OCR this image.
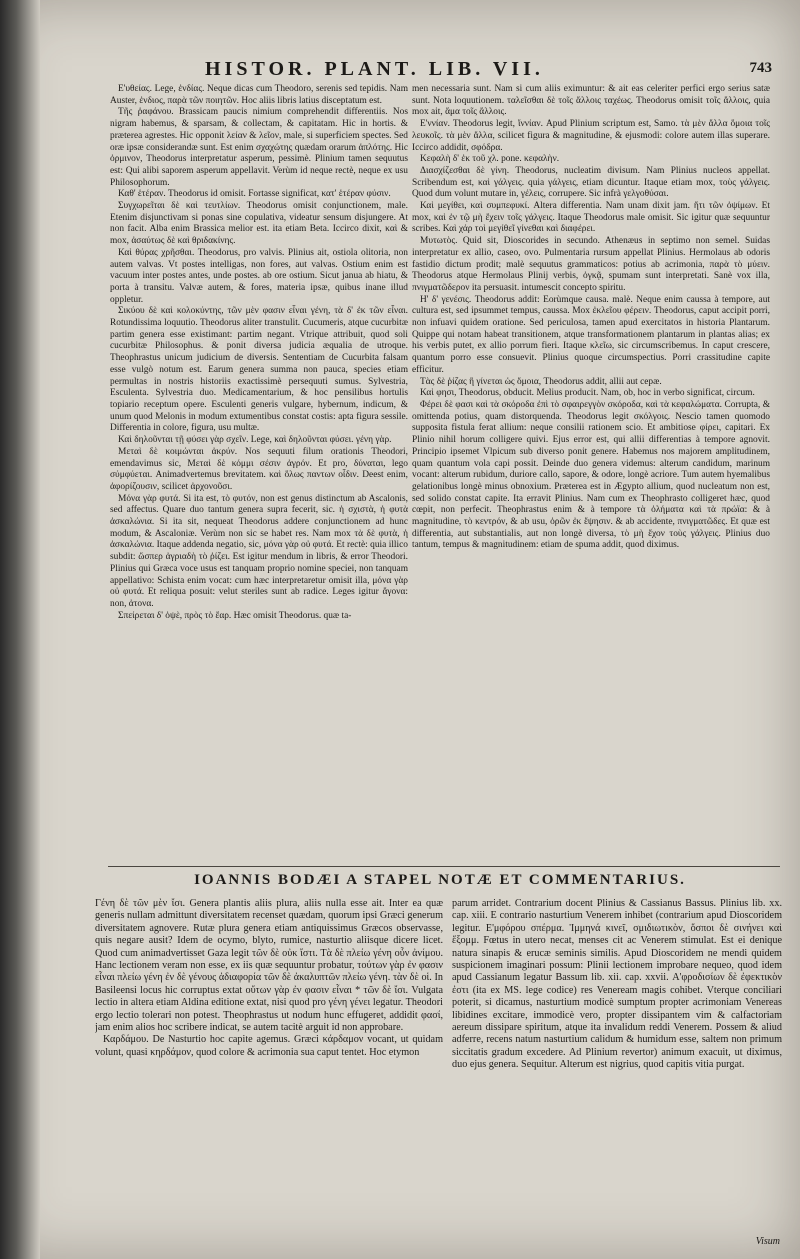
HISTOR. PLANT. LIB. VII.	743

E'υθείας. Lege, ἐνδίας. Neque dicas cum Theodoro, serenis sed tepidis. Nam Auster, ἐνδιος, παρὰ τῶν ποιητῶν. Hoc aliis libris latius disceptatum est.

Τῆς ῥαφάνου. Brassicam paucis nimium comprehendit differentiis. Nos nigram habemus, & sparsam, & collectam, & capitatam. Hic in hortis. & præterea agrestes. Hic opponit λείαν & λεῖον, male, si superficiem spectes. Sed oræ ipsæ considerandæ sunt. Est enim σχαχώτης quædam orarum ἁπλότης. Hic ὀρμινον, Theodorus interpretatur asperum, pessimè. Plinium tamen sequutus est: Qui alibi saporem asperum appellavit. Verùm id neque rectè, neque ex usu Philosophorum.

Καθ' ἑτέραν. Theodorus id omisit. Fortasse significat, κατ' ἑτέραν φύσιν.

Συγχωρεῖται δὲ καὶ τευτλίων. Theodorus omisit conjunctionem, male. Etenim disjunctivam si ponas sine copulativa, videatur sensum disjungere. At non facit. Alba enim Brassica melior est. ita etiam Beta. Iccirco dixit, καὶ & mox, ἀσαύτως δὲ καὶ θριδακίνης.

Καὶ θύρας χρῆσθαι. Theodorus, pro valvis. Plinius ait, ostiola olitoria, non autem valvas. Vt postes intelligas, non fores, aut valvas. Ostium enim est vacuum inter postes antes, unde postes. ab ore ostium. Sicut janua ab hiatu, & porta à transitu. Valvæ autem, & fores, materia ipsæ, quibus inane illud oppletur.

Σικύου δὲ καὶ κολοκύντης, τῶν μὲν φασιν εἶναι γένη, τὰ δ' ἐκ τῶν εἶναι. Rotundissima loquutio. Theodorus aliter transtulit. Cucumeris, atque cucurbitæ partim genera esse existimant: partim negant. Vtrique attribuit, quod soli cucurbitæ Philosophus. & ponit diversa judicia æqualia de utroque. Theophrastus unicum judicium de diversis. Sententiam de Cucurbita falsam esse vulgò notum est. Earum genera summa non pauca, species etiam permultas in nostris historiis exactissimè persequuti sumus. Sylvestria, Esculenta. Sylvestria duo. Medicamentarium, & hoc pensilibus hortulis topiario receptum opere. Esculenti generis vulgare, hybernum, indicum, & unum quod Melonis in modum extumentibus constat costis: apta figura sessile. Differentia in colore, figura, usu multæ.

Καὶ δηλοῦνται τῇ φύσει γὰρ σχεῖν. Lege, καὶ δηλοῦνται φύσει. γένη γὰρ.

Μεταὶ δὲ κοιμώνται ἀκρύν. Nos sequuti filum orationis Theodori, emendavimus sic, Μεταὶ δὲ κόμμι σέσιν ἀγρόν. Et pro, δύναται, lego σύμφύεται. Animadvertemus brevitatem. καὶ ὅλως παντων οἶδιν. Deest enim, ἀφορίζουσιν, scilicet ἀρχονοῦσι.

Μόνα γὰρ φυτά. Si ita est, τὸ φυτόν, non est genus distinctum ab Ascalonis, sed affectus. Quare duo tantum genera supra fecerit, sic. ἡ σχιστὰ, ἡ φυτὰ ἀσκαλώνια. Si ita sit, nequeat Theodorus addere conjunctionem ad hunc modum, & Ascaloniæ. Verùm non sic se habet res. Nam mox τὰ δὲ φυτὰ, ἡ ἀσκαλώνια. Itaque addenda negatio, sic, μόνα γὰρ οὐ φυτά. Et rectè: quia illico subdit: ὥσπερ ἀγριαδὴ τὸ ῥίζει. Est igitur mendum in libris, & error Theodori. Plinius qui Græca voce usus est tanquam proprio nomine speciei, non tanquam appellativo: Schista enim vocat: cum hæc interpretaretur omisit illa, μόνα γὰρ οὐ φυτά. Et reliqua posuit: velut steriles sunt ab radice. Leges igitur ἄγονα: non, ἀτονα.

Σπείρεται δ' ὀψὲ, πρὸς τὸ ἔαρ. Hæc omisit Theodorus. quæ ta-

men necessaria sunt. Nam si cum aliis eximuntur: & ait eas celeriter perfici ergo serius satæ sunt. Nota loquutionem. ταλεῖσθαι δὲ τοῖς ἄλλοις ταχέως. Theodorus omisit τοῖς ἄλλοις, quia mox ait, ἅμα τοῖς ἄλλοις.

Ε'ννίαν. Theodorus legit, ἴννίαν. Apud Plinium scriptum est, Samo. τὰ μὲν ἄλλα ὅμοια τοῖς λευκοῖς. τὰ μὲν ἄλλα, scilicet figura & magnitudine, & ejusmodi: colore autem illas superare. Iccirco addidit, σφόδρα.

Κεφαλὴ δ' ἐκ τοῦ χλ. pone. κεφαλὴν.

Διασχίζεσθαι δὲ γίνη. Theodorus, nucleatim divisum. Nam Plinius nucleos appellat. Scribendum est, καὶ γάλγεις. quia γάλγεις, etiam dicuntur. Itaque etiam mox, τοὺς γάλγεις. Quod dum volunt mutare in, γέλεις, corrupere. Sic infrà γελγοθύσαι.

Καὶ μεγίθει, καὶ συμπεφυκί. Altera differentia. Nam unam dixit jam. ἤτι τῶν ὀψίμων. Et mox, καὶ ἐν τῷ μὴ ἔχειν τοῖς γάλγεις. Itaque Theodorus male omisit. Sic igitur quæ sequuntur scribes. Καὶ χάρ τοὶ μεγίθεῖ γίνεθαι καὶ διαφέρει.

Μυτωτὸς. Quid sit, Dioscorides in secundo. Athenæus in septimo non semel. Suidas interpretatur ex allio, caseo, ovo. Pulmentaria rursum appellat Plinius. Hermolaus ab odoris fastidio dictum prodit; malè sequutus grammaticos: potius ab acrimonia, παρὰ τὸ μύειν. Theodorus atque Hermolaus Plinij verbis, ὀγκᾷ, spumam sunt interpretati. Sanè vox illa, πνιγματῶδερον ita persuasit. intumescit concepto spiritu.

H' δ' γενέσις. Theodorus addit: Eorùmque causa. malè. Neque enim caussa à tempore, aut cultura est, sed ipsummet tempus, caussa. Mox ἐκλεῖου φέρειν. Theodorus, caput accipit porri, non infuavi quidem oratione. Sed periculosa, tamen apud exercitatos in historia Plantarum. Quippe qui notam habeat transitionem, atque transformationem plantarum in plantas alias; ex his verbis putet, ex allio porrum fieri. Itaque κλεῖω, sic circumscribemus. In caput crescere, quantum porro esse consuevit. Plinius quoque circumspectius. Porri crassitudine capite efficitur.

Τὰς δὲ ῥίζας ἢ γίνεται ὡς ὅμοια, Theodorus addit, allii aut cepæ.

Καὶ φησι, Theodorus, obducit. Melius producit. Nam, ob, hoc in verbo significat, circum.

Φέρει δὲ φασι καὶ τὰ σκόροδα ἐπὶ τὸ σφαιρεγγὸν σκόροδα, καὶ τὰ κεφαλώματα. Corrupta, & omittenda potius, quam distorquenda. Theodorus legit σκόλγοις. Nescio tamen quomodo supposita fistula ferat allium: neque consilii rationem scio. Et ambitiose φίρει, capitari. Ex Plinio nihil horum colligere quivi. Ejus error est, qui allii differentias à tempore agnovit. Principio ipsemet Vlpicum sub diverso ponit genere. Habemus nos majorem amplitudinem, quam quantum vola capi possit. Deinde duo genera videmus: alterum candidum, marinum vocant: alterum rubidum, duriore callo, sapore, & odore, longè acriore. Tum autem hyemalibus gelationibus longè minus obnoxium. Præterea est in Ægypto allium, quod nucleatum non est, sed solido constat capite. Ita erravit Plinius. Nam cum ex Theophrasto colligeret hæc, quod cœpit, non perfecit. Theophrastus enim & à tempore τὰ ὀλήματα καὶ τὰ πρώϊα: & à magnitudine, τὸ κεντρόν, & ab usu, ὁρῶν ἐκ ἕψησιν. & ab accidente, πνιγματῶδες. Et quæ est differentia, aut substantialis, aut non longè diversa, τὸ μὴ ἔχον τοὺς γάλγεις. Plinius duo tantum, tempus & magnitudinem: etiam de spuma addit, quod diximus.

IOANNIS BODÆI A STAPEL NOTÆ ET COMMENTARIUS.

Γένη δὲ τῶν μὲν ἴσι. Genera plantis aliis plura, aliis nulla esse ait. Inter ea quæ generis nullam admittunt diversitatem recenset quædam, quorum ipsi Græci generum diversitatem agnovere. Rutæ plura genera etiam antiquissimus Græcos observasse, quis negare ausit? Idem de ocymo, blyto, rumice, nasturtio aliisque dicere licet. Quod cum animadvertisset Gaza legit τῶν δὲ οὐκ ἴστι. Τὰ δὲ πλείω γένη οὗν ἀνίμου. Hanc lectionem veram non esse, ex iis quæ sequuntur probatur, τούτων γὰρ ἐν φασιν εἶναι πλείω γένη ἐν δὲ γένους ἀδιαφορία τῶν δὲ ἀκαλυπτῶν πλείω γένη. τὰν δὲ οἱ. In Basileensi locus hic corruptus extat οὔτων γὰρ ἐν φασιν εἶναι * τῶν δὲ ἴσι. Vulgata lectio in altera etiam Aldina editione extat, nisi quod pro γένη γένει legatur. Theodori ergo lectio tolerari non potest. Theophrastus ut nodum hunc effugeret, addidit φασί, jam enim alios hoc scribere indicat, se autem tacitè arguit id non approbare.

Καρδάμου. De Nasturtio hoc capite agemus. Græci κάρδαμον vocant, ut quidam volunt, quasi κηρδάμον, quod colore & acrimonia sua caput tentet. Hoc etymon

parum arridet. Contrarium docent Plinius & Cassianus Bassus. Plinius lib. xx. cap. xiii. E contrario nasturtium Venerem inhibet (contrarium apud Dioscoridem legitur. Ε'μφόρου σπέρμα. Ἰμμηνά κινεῖ, σμιδιωτικὸν, ὅσποι δὲ σινήνει καὶ ἕξομμ. Fœtus in utero necat, menses cit ac Venerem stimulat. Est ei denique natura sinapis & erucæ seminis similis. Apud Dioscoridem ne mendi quidem suspicionem imaginari possum: Plinii lectionem improbare nequeo, quod idem apud Cassianum legatur Bassum lib. xii. cap. xxvii. Α'φροδισίων δὲ ἐφεκτικὸν ἐστι (ita ex MS. lege codice) res Veneream magis cohibet. Vterque conciliari poterit, si dicamus, nasturtium modicè sumptum propter acrimoniam Venereas libidines excitare, immodicè vero, propter dissipantem vim & calfactoriam aereum dissipare spiritum, atque ita invalidum reddi Venerem. Possem & aliud adferre, recens natum nasturtium calidum & humidum esse, saltem non primum siccitatis gradum excedere. Ad Plinium revertor) animum exacuit, ut diximus, duo ejus genera. Sequitur. Alterum est nigrius, quod capitis vitia purgat.

Visum
